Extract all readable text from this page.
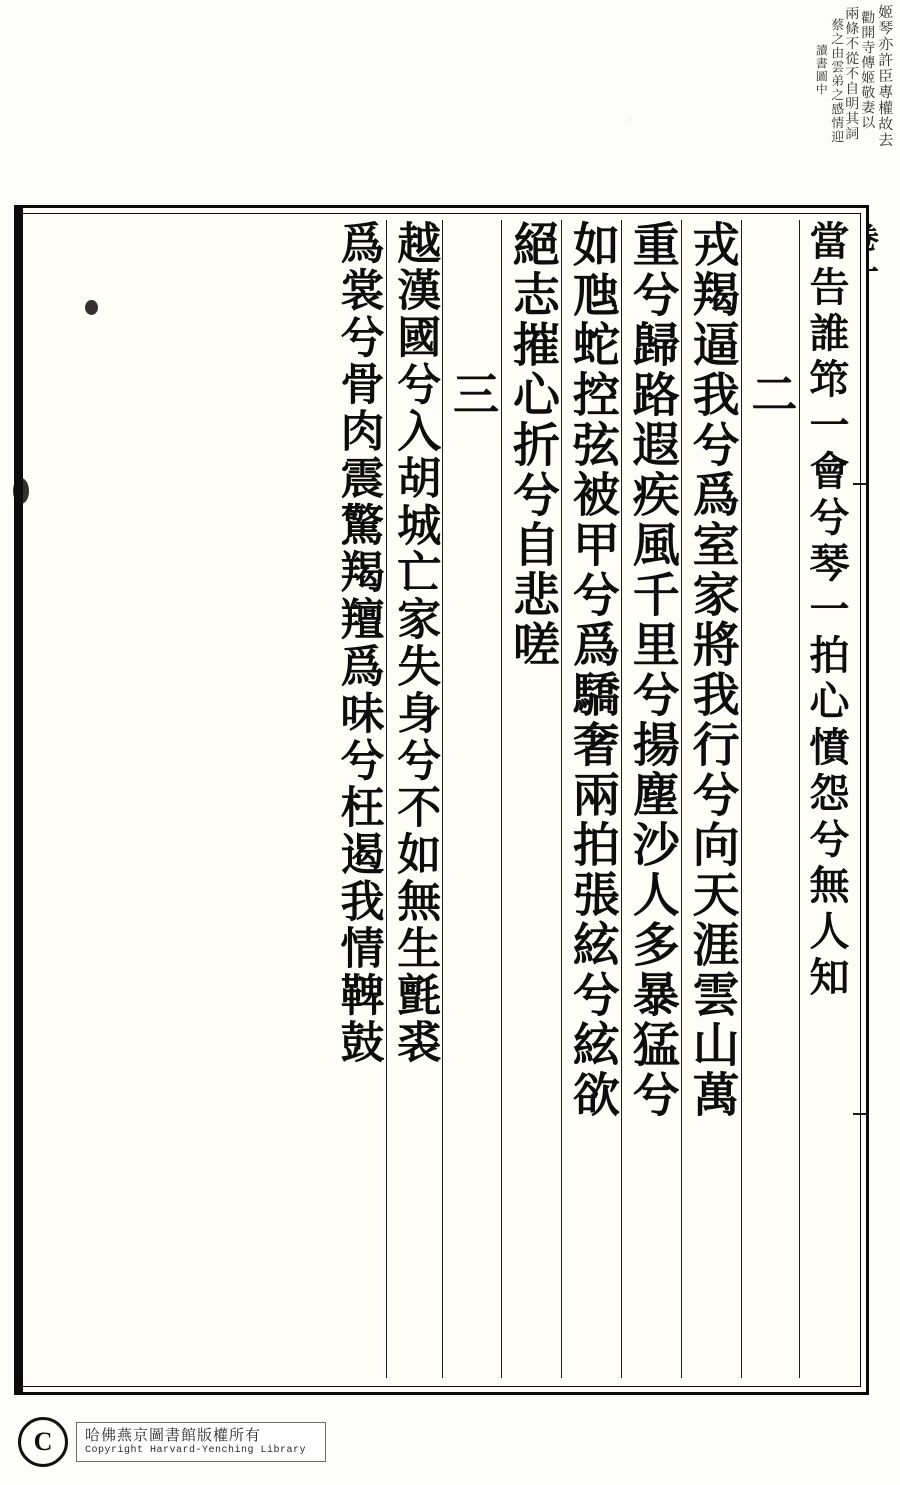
姬琴亦許臣專權故去
勸開寺傳姬敬妻以
兩條不從不自明其詞
蔡之由雲弟之感情迎
讀書圖中
當告誰筇一會兮琴一拍心憤怨兮無人知
二
戎羯逼我兮爲室家將我行兮向天涯雲山萬
重兮歸路遐疾風千里兮揚塵沙人多暴猛兮
如虺蛇控弦被甲兮爲驕奢兩拍張絃兮絃欲
絕志摧心折兮自悲嗟
三
越漢國兮入胡城亡家失身兮不如無生氈裘
爲裳兮骨肉震驚羯羶爲味兮枉遏我情鞞鼓
C	哈佛燕京圖書館版權所有
Copyright Harvard-Yenching Library
